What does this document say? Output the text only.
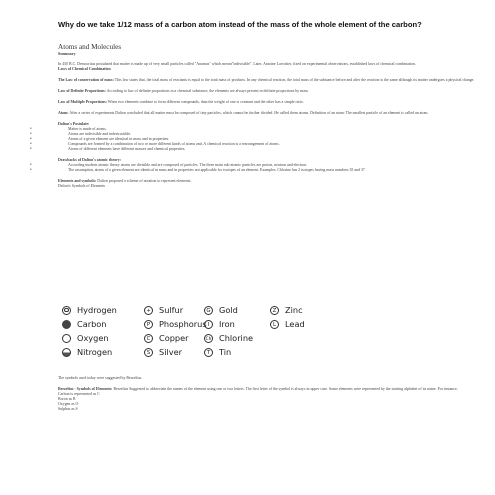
Why do we take 1/12 mass of a carbon atom instead of the mass of the whole element of the carbon?
Atoms and Molecules
Summary

In 450 B.C. Democritus postulated that matter is made up of very small particles called "Anamus" which meant"indivisible". Later, Antoine Lavoisier, fixed on experimental observations, established laws of chemical combination.

Laws of Chemical Combination

The Law of conservation of mass: This law states that, the total mass of reactants is equal to the total mass of products. In any chemical reaction, the total mass of the substance before and after the reaction is the same although its matter undergoes a physical change.

Law of Definite Proportions: According to law of definite proportions in a chemical substance, the elements are always present in definite proportions by mass

Law of Multiple Proportions: When two elements combine to form different compounds, than the weight of one is constant and the other has a simple ratio.

Atom: After a series of experiments Dalton concluded that all matter must be composed of tiny particles, which cannot be further divided. He called them atoms. Definition of an atom: The smallest particle of an element is called an atom.

Dalton's Postulate:

• Matter is made of atoms.
• Atoms are indivisible and indestructible.
• Atoms of a given element are identical in mass and in properties.
• Compounds are formed by a combination of two or more different kinds of atoms and, A chemical reaction is a rearrangement of atoms.
• Atoms of different elements have different masses and chemical properties.

Drawbacks of Dalton's atomic theory:

• According modern atomic theory atoms are divisible and are composed of particles. The three main sub-atomic particles are proton, neutron and electron.
• The assumption, atoms of a given element are identical in mass and in properties not applicable for isotopes of an element. Examples: Chlorine has 2 isotopes having mass numbers 35 and 37

Elements and symbols: Dalton proposed a scheme of notation to represent elements.

Dalton's Symbols of Elements

Hydrogen
Carbon
Oxygen
Nitrogen
+ Sulfur
P Phosphorus
C Copper
S Silver
G Gold
I Iron
Ch Chlorine
T Tin
Z Zinc
L Lead

The symbols used today were suggested by Berzelius.

Berzelius - Symbols of Elements: Berzelius Suggested to abbreviate the names of the element using one or two letters. The first letter of the symbol is always in upper case. Some elements were represented by the starting alphabet of its name. For instance,

Carbon is represented as C

Boron as B

Oxygen as O

Sulphur as S
